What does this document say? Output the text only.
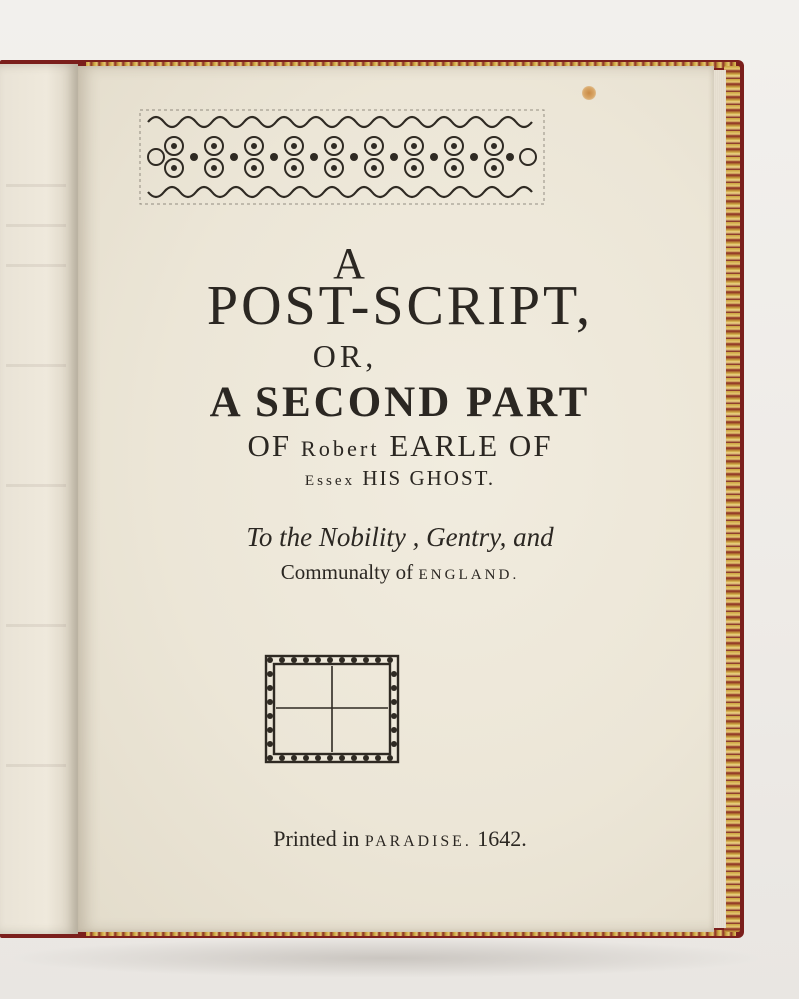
A
POST-SCRIPT,
OR,
A SECOND PART
OF Robert EARLE OF
Essex HIS GHOST.
To the Nobility , Gentry, and
Communalty of ENGLAND.
Printed in PARADISE. 1642.
